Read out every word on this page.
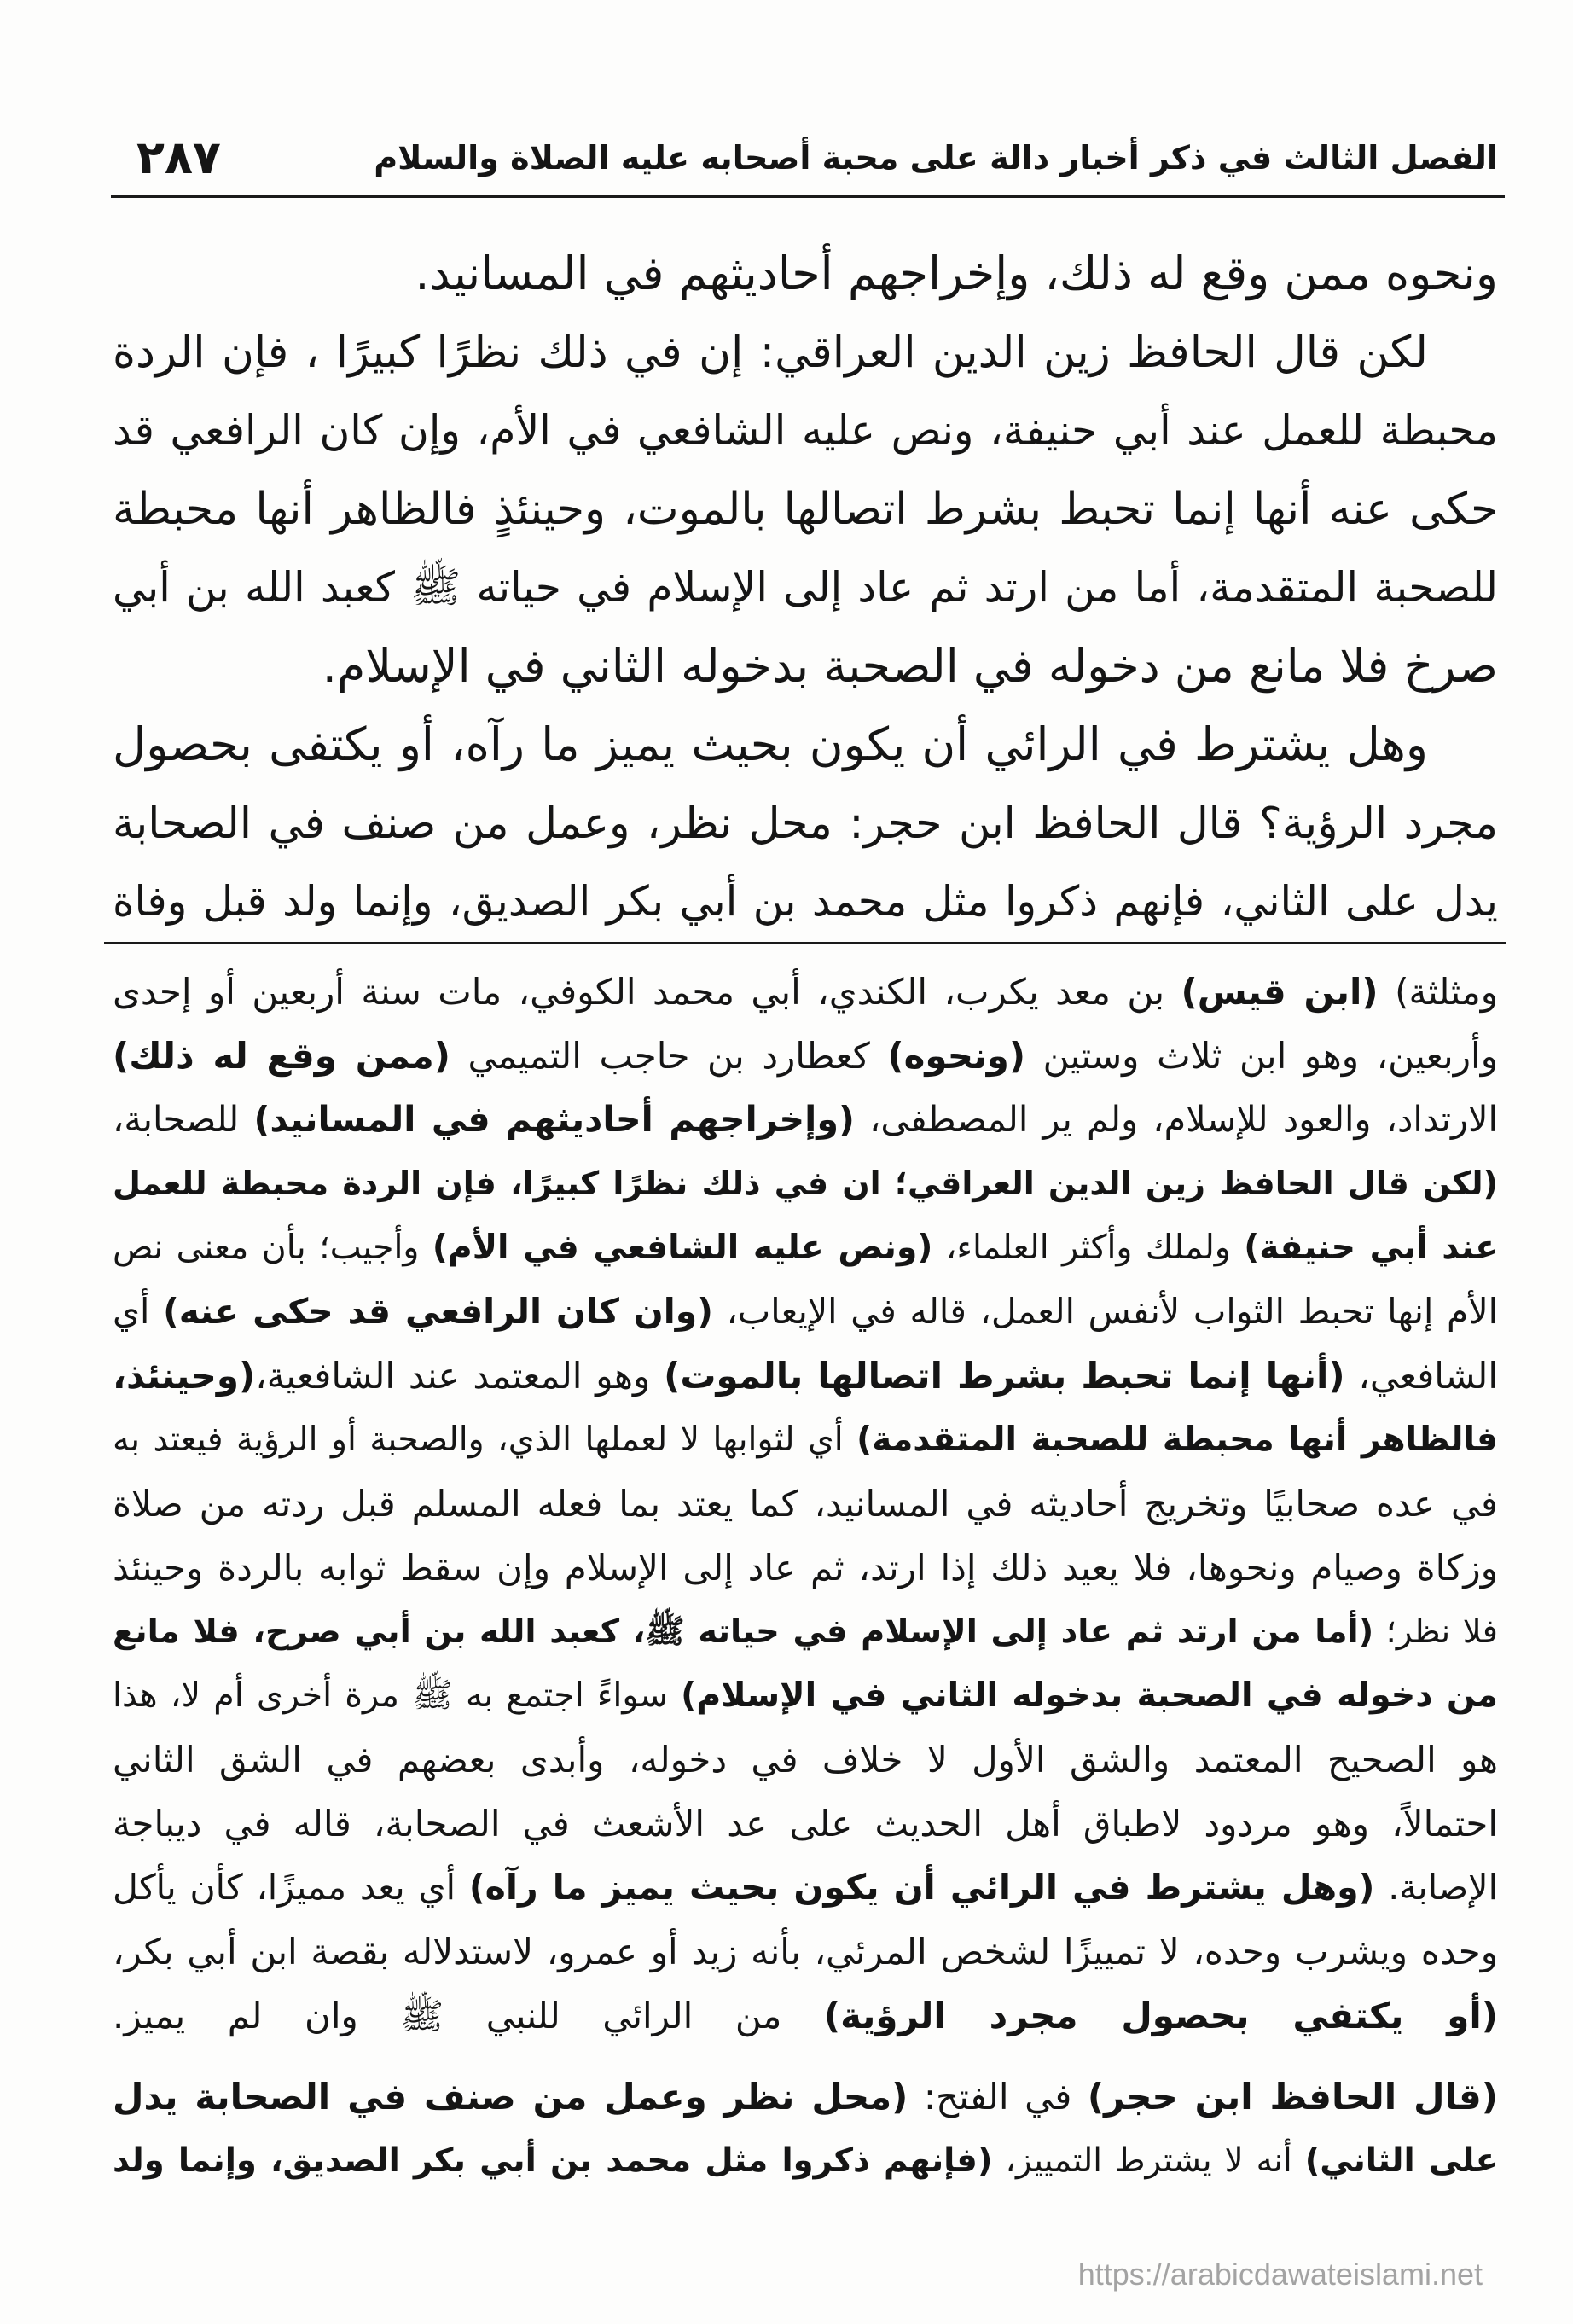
الفصل الثالث في ذكر أخبار دالة على محبة أصحابه عليه الصلاة والسلام
٢٨٧
ونحوه ممن وقع له ذلك، وإخراجهم أحاديثهم في المسانيد.
لكن قال الحافظ زين الدين العراقي: إن في ذلك نظرًا كبيرًا ، فإن الردة
محبطة للعمل عند أبي حنيفة، ونص عليه الشافعي في الأم، وإن كان الرافعي قد
حكى عنه أنها إنما تحبط بشرط اتصالها بالموت، وحينئذٍ فالظاهر أنها محبطة
للصحبة المتقدمة، أما من ارتد ثم عاد إلى الإسلام في حياته ﷺ كعبد الله بن أبي
صرخ فلا مانع من دخوله في الصحبة بدخوله الثاني في الإسلام.
وهل يشترط في الرائي أن يكون بحيث يميز ما رآه، أو يكتفى بحصول
مجرد الرؤية؟ قال الحافظ ابن حجر: محل نظر، وعمل من صنف في الصحابة
يدل على الثاني، فإنهم ذكروا مثل محمد بن أبي بكر الصديق، وإنما ولد قبل وفاة
ومثلثة) (ابن قيس) بن معد يكرب، الكندي، أبي محمد الكوفي، مات سنة أربعين أو إحدى
وأربعين، وهو ابن ثلاث وستين (ونحوه) كعطارد بن حاجب التميمي (ممن وقع له ذلك)
الارتداد، والعود للإسلام، ولم ير المصطفى، (وإخراجهم أحاديثهم في المسانيد) للصحابة،
(لكن قال الحافظ زين الدين العراقي؛ ان في ذلك نظرًا كبيرًا، فإن الردة محبطة للعمل
عند أبي حنيفة) ولملك وأكثر العلماء، (ونص عليه الشافعي في الأم) وأجيب؛ بأن معنى نص
الأم إنها تحبط الثواب لأنفس العمل، قاله في الإيعاب، (وان كان الرافعي قد حكى عنه) أي
الشافعي، (أنها إنما تحبط بشرط اتصالها بالموت) وهو المعتمد عند الشافعية،(وحينئذ،
فالظاهر أنها محبطة للصحبة المتقدمة) أي لثوابها لا لعملها الذي، والصحبة أو الرؤية فيعتد به
في عده صحابيًا وتخريج أحاديثه في المسانيد، كما يعتد بما فعله المسلم قبل ردته من صلاة
وزكاة وصيام ونحوها، فلا يعيد ذلك إذا ارتد، ثم عاد إلى الإسلام وإن سقط ثوابه بالردة وحينئذ
فلا نظر؛ (أما من ارتد ثم عاد إلى الإسلام في حياته ﷺ، كعبد الله بن أبي صرح، فلا مانع
من دخوله في الصحبة بدخوله الثاني في الإسلام) سواءً اجتمع به ﷺ مرة أخرى أم لا، هذا
هو الصحيح المعتمد والشق الأول لا خلاف في دخوله، وأبدى بعضهم في الشق الثاني
احتمالاً، وهو مردود لاطباق أهل الحديث على عد الأشعث في الصحابة، قاله في ديباجة
الإصابة. (وهل يشترط في الرائي أن يكون بحيث يميز ما رآه) أي يعد مميزًا، كأن يأكل
وحده ويشرب وحده، لا تمييزًا لشخص المرئي، بأنه زيد أو عمرو، لاستدلاله بقصة ابن أبي بكر،
(أو يكتفي بحصول مجرد الرؤية) من الرائي للنبي ﷺ وان لم يميز.
(قال الحافظ ابن حجر) في الفتح: (محل نظر وعمل من صنف في الصحابة يدل
على الثاني) أنه لا يشترط التمييز، (فإنهم ذكروا مثل محمد بن أبي بكر الصديق، وإنما ولد
https://arabicdawateislami.net
